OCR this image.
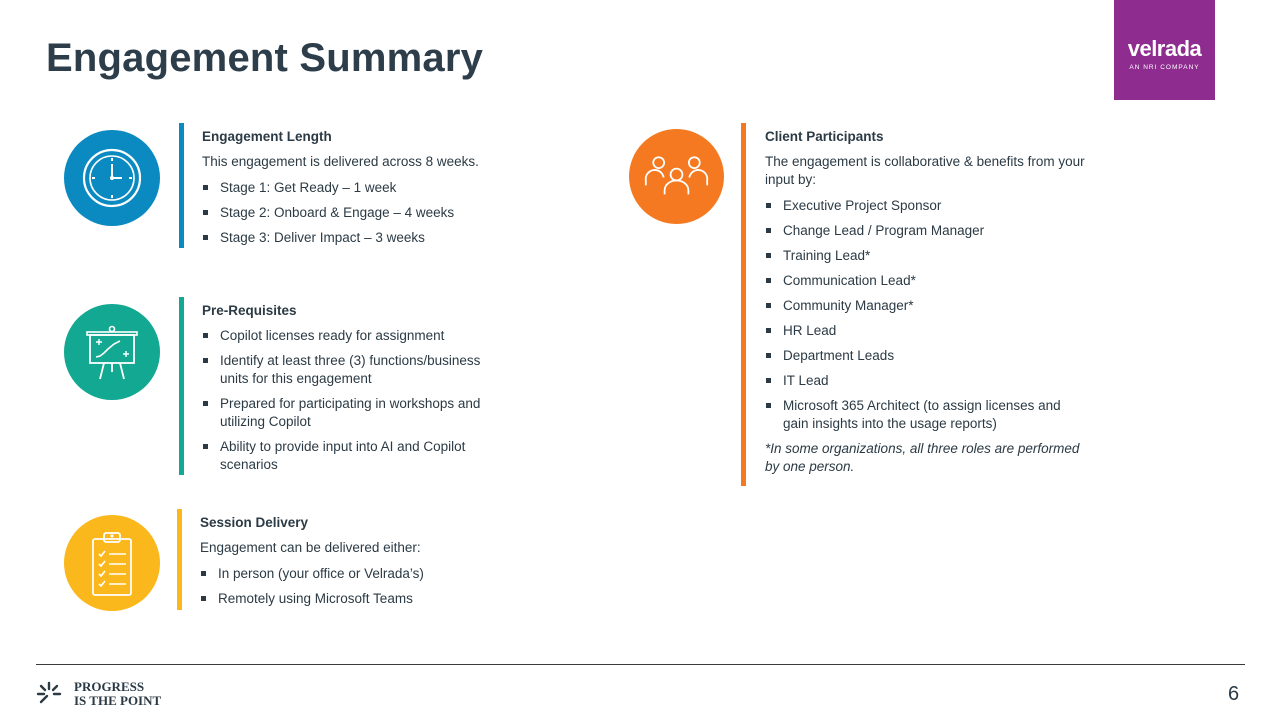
Engagement Summary	velrada
AN NRI COMPANY
Engagement Length

This engagement is delivered across 8 weeks.

Stage 1: Get Ready – 1 week
Stage 2: Onboard & Engage – 4 weeks
Stage 3: Deliver Impact – 3 weeks
Pre-Requisites
Copilot licenses ready for assignment
Identify at least three (3) functions/business units for this engagement
Prepared for participating in workshops and utilizing Copilot
Ability to provide input into AI and Copilot scenarios
Session Delivery

Engagement can be delivered either:

In person (your office or Velrada’s)
Remotely using Microsoft Teams
Client Participants

The engagement is collaborative & benefits from your input by:

Executive Project Sponsor
Change Lead / Program Manager
Training Lead*
Communication Lead*
Community Manager*
HR Lead
Department Leads
IT Lead
Microsoft 365 Architect (to assign licenses and gain insights into the usage reports)
*In some organizations, all three roles are performed by one person.
PROGRESS
IS THE POINT	6
